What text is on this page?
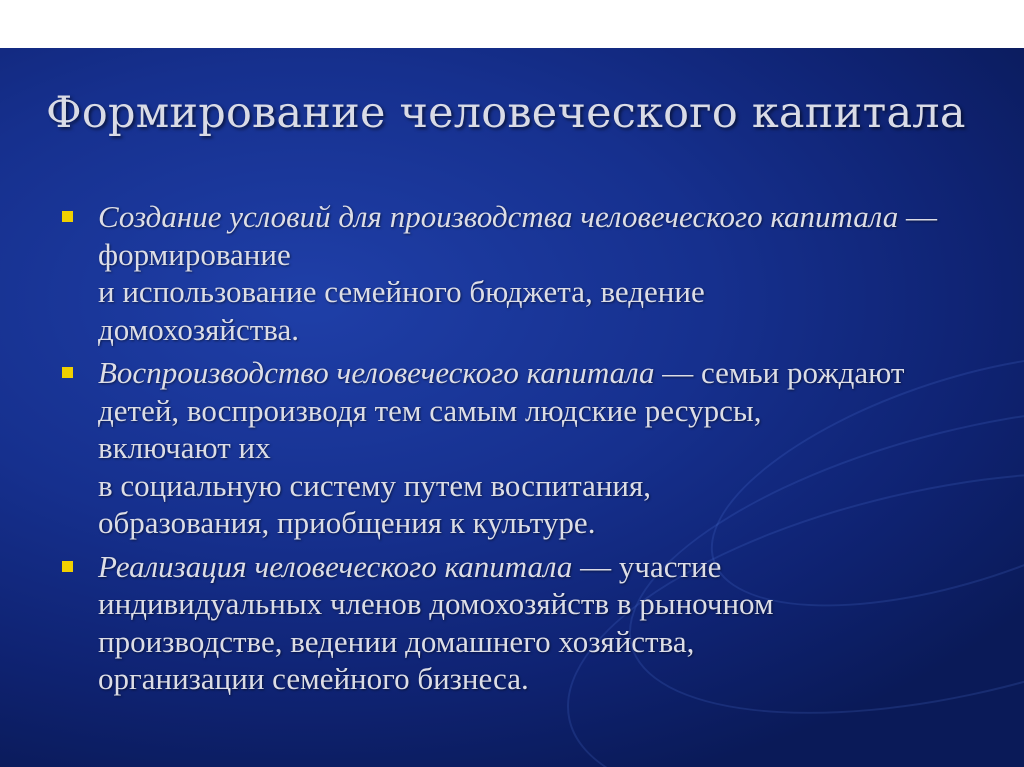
Формирование человеческого капитала
Создание условий для производства человеческого капитала —
формирование
и использование семейного бюджета, ведение
домохозяйства.
Воспроизводство человеческого капитала — семьи рождают
детей, воспроизводя тем самым людские ресурсы,
включают их
в социальную систему путем воспитания,
образования, приобщения к культуре.
Реализация человеческого капитала — участие
индивидуальных членов домохозяйств в рыночном
производстве, ведении домашнего хозяйства,
организации семейного бизнеса.
